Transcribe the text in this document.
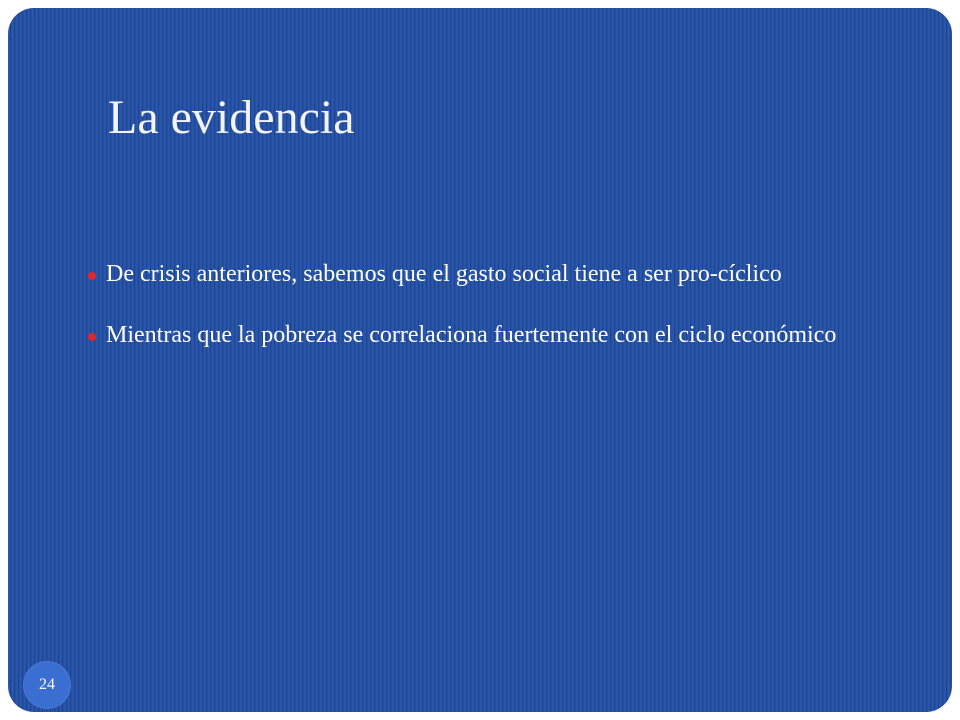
La evidencia
De crisis anteriores, sabemos que el gasto social tiene a ser pro-cíclico
Mientras que la pobreza se correlaciona fuertemente con el ciclo económico
24
